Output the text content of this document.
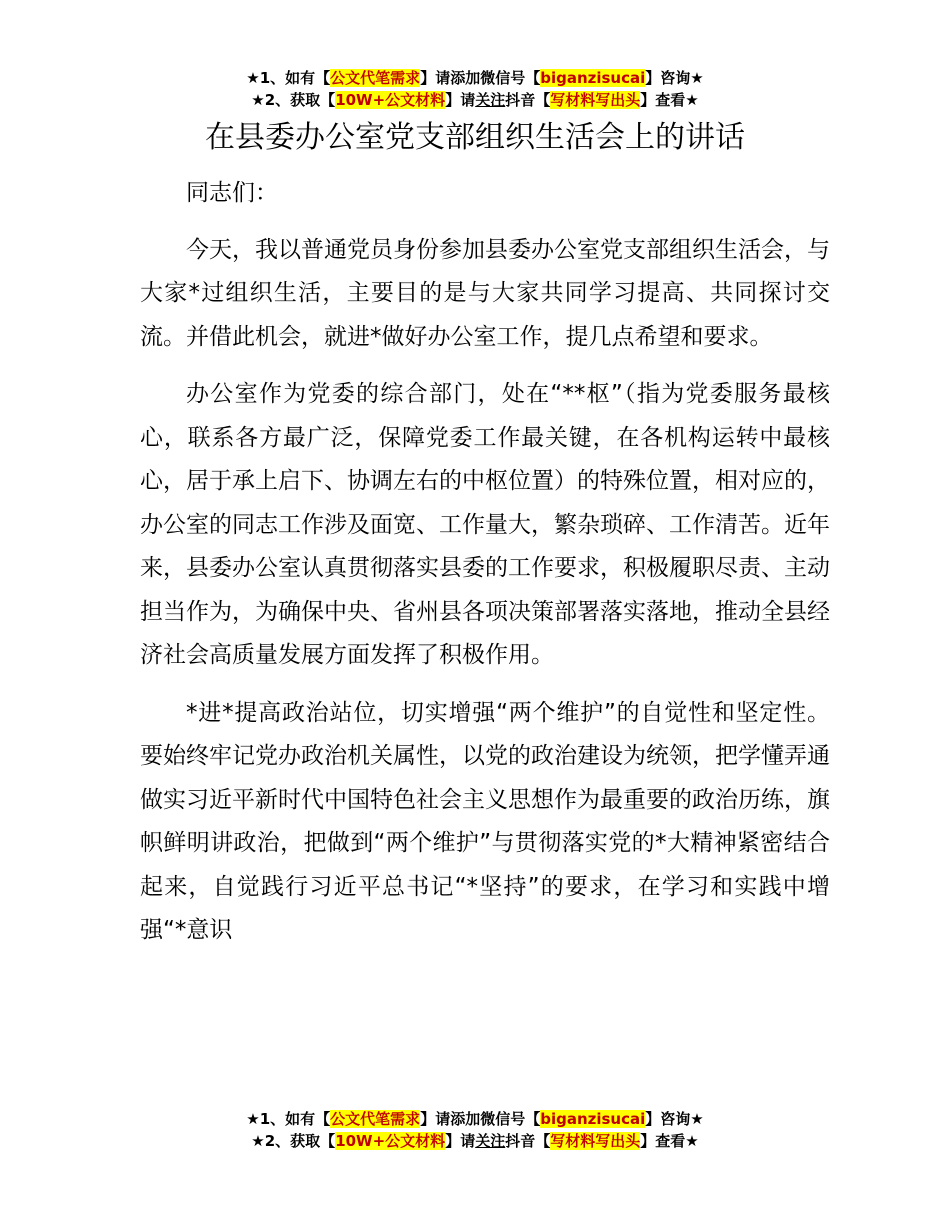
★1、如有【公文代笔需求】请添加微信号【biganzisucai】咨询★
★2、获取【10W+公文材料】请关注抖音【写材料写出头】查看★
在县委办公室党支部组织生活会上的讲话

同志们：

今天，我以普通党员身份参加县委办公室党支部组织生活会，与大家*过组织生活，主要目的是与大家共同学习提高、共同探讨交流。并借此机会，就进*做好办公室工作，提几点希望和要求。

办公室作为党委的综合部门，处在“**枢”（指为党委服务最核心，联系各方最广泛，保障党委工作最关键，在各机构运转中最核心，居于承上启下、协调左右的中枢位置）的特殊位置，相对应的，办公室的同志工作涉及面宽、工作量大，繁杂琐碎、工作清苦。近年来，县委办公室认真贯彻落实县委的工作要求，积极履职尽责、主动担当作为，为确保中央、省州县各项决策部署落实落地，推动全县经济社会高质量发展方面发挥了积极作用。

*进*提高政治站位，切实增强“两个维护”的自觉性和坚定性。要始终牢记党办政治机关属性，以党的政治建设为统领，把学懂弄通做实习近平新时代中国特色社会主义思想作为最重要的政治历练，旗帜鲜明讲政治，把做到“两个维护”与贯彻落实党的*大精神紧密结合起来，自觉践行习近平总书记“*坚持”的要求，在学习和实践中增强“*意识

★1、如有【公文代笔需求】请添加微信号【biganzisucai】咨询★
★2、获取【10W+公文材料】请关注抖音【写材料写出头】查看★
